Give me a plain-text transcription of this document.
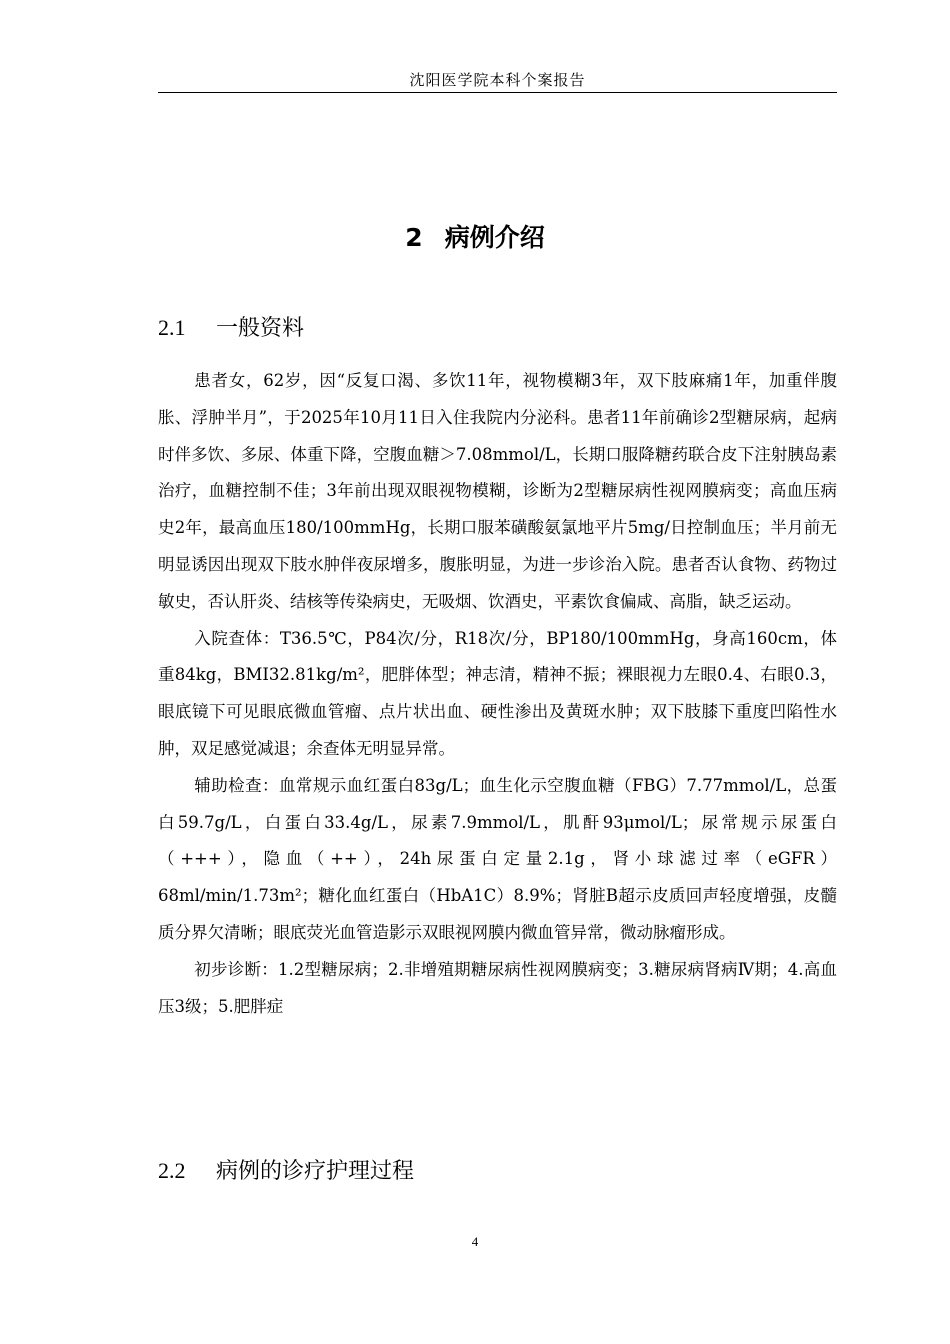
沈阳医学院本科个案报告
2 病例介绍
2.1 一般资料

患者女，62岁，因“反复口渴、多饮11年，视物模糊3年，双下肢麻痛1年，加重伴腹胀、浮肿半月”，于2025年10月11日入住我院内分泌科。患者11年前确诊2型糖尿病，起病时伴多饮、多尿、体重下降，空腹血糖＞7.08mmol/L，长期口服降糖药联合皮下注射胰岛素治疗，血糖控制不佳；3年前出现双眼视物模糊，诊断为2型糖尿病性视网膜病变；高血压病史2年，最高血压180/100mmHg，长期口服苯磺酸氨氯地平片5mg/日控制血压；半月前无明显诱因出现双下肢水肿伴夜尿增多，腹胀明显，为进一步诊治入院。患者否认食物、药物过敏史，否认肝炎、结核等传染病史，无吸烟、饮酒史，平素饮食偏咸、高脂，缺乏运动。

入院查体：T36.5℃，P84次/分，R18次/分，BP180/100mmHg，身高160cm，体重84kg，BMI32.81kg/m²，肥胖体型；神志清，精神不振；裸眼视力左眼0.4、右眼0.3，眼底镜下可见眼底微血管瘤、点片状出血、硬性渗出及黄斑水肿；双下肢膝下重度凹陷性水肿，双足感觉减退；余查体无明显异常。

辅助检查：血常规示血红蛋白83g/L；血生化示空腹血糖（FBG）7.77mmol/L，总蛋白59.7g/L，白蛋白33.4g/L，尿素7.9mmol/L，肌酐93μmol/L；尿常规示尿蛋白（+++），隐血（++），24h尿蛋白定量2.1g，肾小球滤过率（eGFR）68ml/min/1.73m²；糖化血红蛋白（HbA1C）8.9%；肾脏B超示皮质回声轻度增强，皮髓质分界欠清晰；眼底荧光血管造影示双眼视网膜内微血管异常，微动脉瘤形成。

初步诊断：1.2型糖尿病；2.非增殖期糖尿病性视网膜病变；3.糖尿病肾病Ⅳ期；4.高血压3级；5.肥胖症

2.2 病例的诊疗护理过程
4
